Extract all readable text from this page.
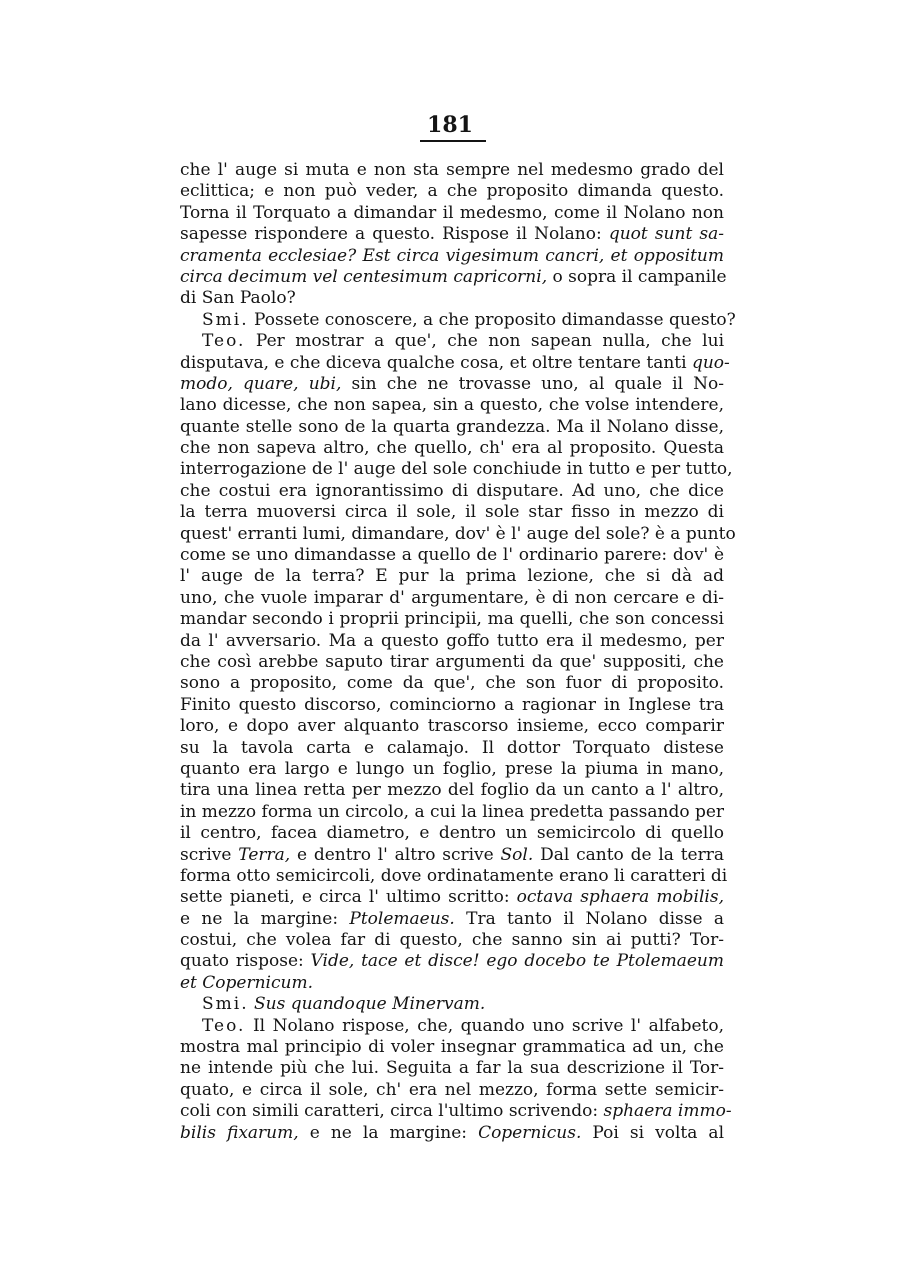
181
che l' auge si muta e non sta sempre nel medesmo grado del
eclittica; e non può veder, a che proposito dimanda questo.
Torna il Torquato a dimandar il medesmo, come il Nolano non
sapesse rispondere a questo. Rispose il Nolano: quot sunt sa-
cramenta ecclesiae? Est circa vigesimum cancri, et oppositum
circa decimum vel centesimum capricorni, o sopra il campanile
di San Paolo?
Smi. Possete conoscere, a che proposito dimandasse questo?
Teo. Per mostrar a que', che non sapean nulla, che lui
disputava, e che diceva qualche cosa, et oltre tentare tanti quo-
modo, quare, ubi, sin che ne trovasse uno, al quale il No-
lano dicesse, che non sapea, sin a questo, che volse intendere,
quante stelle sono de la quarta grandezza. Ma il Nolano disse,
che non sapeva altro, che quello, ch' era al proposito. Questa
interrogazione de l' auge del sole conchiude in tutto e per tutto,
che costui era ignorantissimo di disputare. Ad uno, che dice
la terra muoversi circa il sole, il sole star fisso in mezzo di
quest' erranti lumi, dimandare, dov' è l' auge del sole? è a punto
come se uno dimandasse a quello de l' ordinario parere: dov' è
l' auge de la terra? E pur la prima lezione, che si dà ad
uno, che vuole imparar d' argumentare, è di non cercare e di-
mandar secondo i proprii principii, ma quelli, che son concessi
da l' avversario. Ma a questo goffo tutto era il medesmo, per
che così arebbe saputo tirar argumenti da que' suppositi, che
sono a proposito, come da que', che son fuor di proposito.
Finito questo discorso, cominciorno a ragionar in Inglese tra
loro, e dopo aver alquanto trascorso insieme, ecco comparir
su la tavola carta e calamajo. Il dottor Torquato distese
quanto era largo e lungo un foglio, prese la piuma in mano,
tira una linea retta per mezzo del foglio da un canto a l' altro,
in mezzo forma un circolo, a cui la linea predetta passando per
il centro, facea diametro, e dentro un semicircolo di quello
scrive Terra, e dentro l' altro scrive Sol. Dal canto de la terra
forma otto semicircoli, dove ordinatamente erano li caratteri di
sette pianeti, e circa l' ultimo scritto: octava sphaera mobilis,
e ne la margine: Ptolemaeus. Tra tanto il Nolano disse a
costui, che volea far di questo, che sanno sin ai putti? Tor-
quato rispose: Vide, tace et disce! ego docebo te Ptolemaeum
et Copernicum.
Smi. Sus quandoque Minervam.
Teo. Il Nolano rispose, che, quando uno scrive l' alfabeto,
mostra mal principio di voler insegnar grammatica ad un, che
ne intende più che lui. Seguita a far la sua descrizione il Tor-
quato, e circa il sole, ch' era nel mezzo, forma sette semicir-
coli con simili caratteri, circa l'ultimo scrivendo: sphaera immo-
bilis fixarum, e ne la margine: Copernicus. Poi si volta al
